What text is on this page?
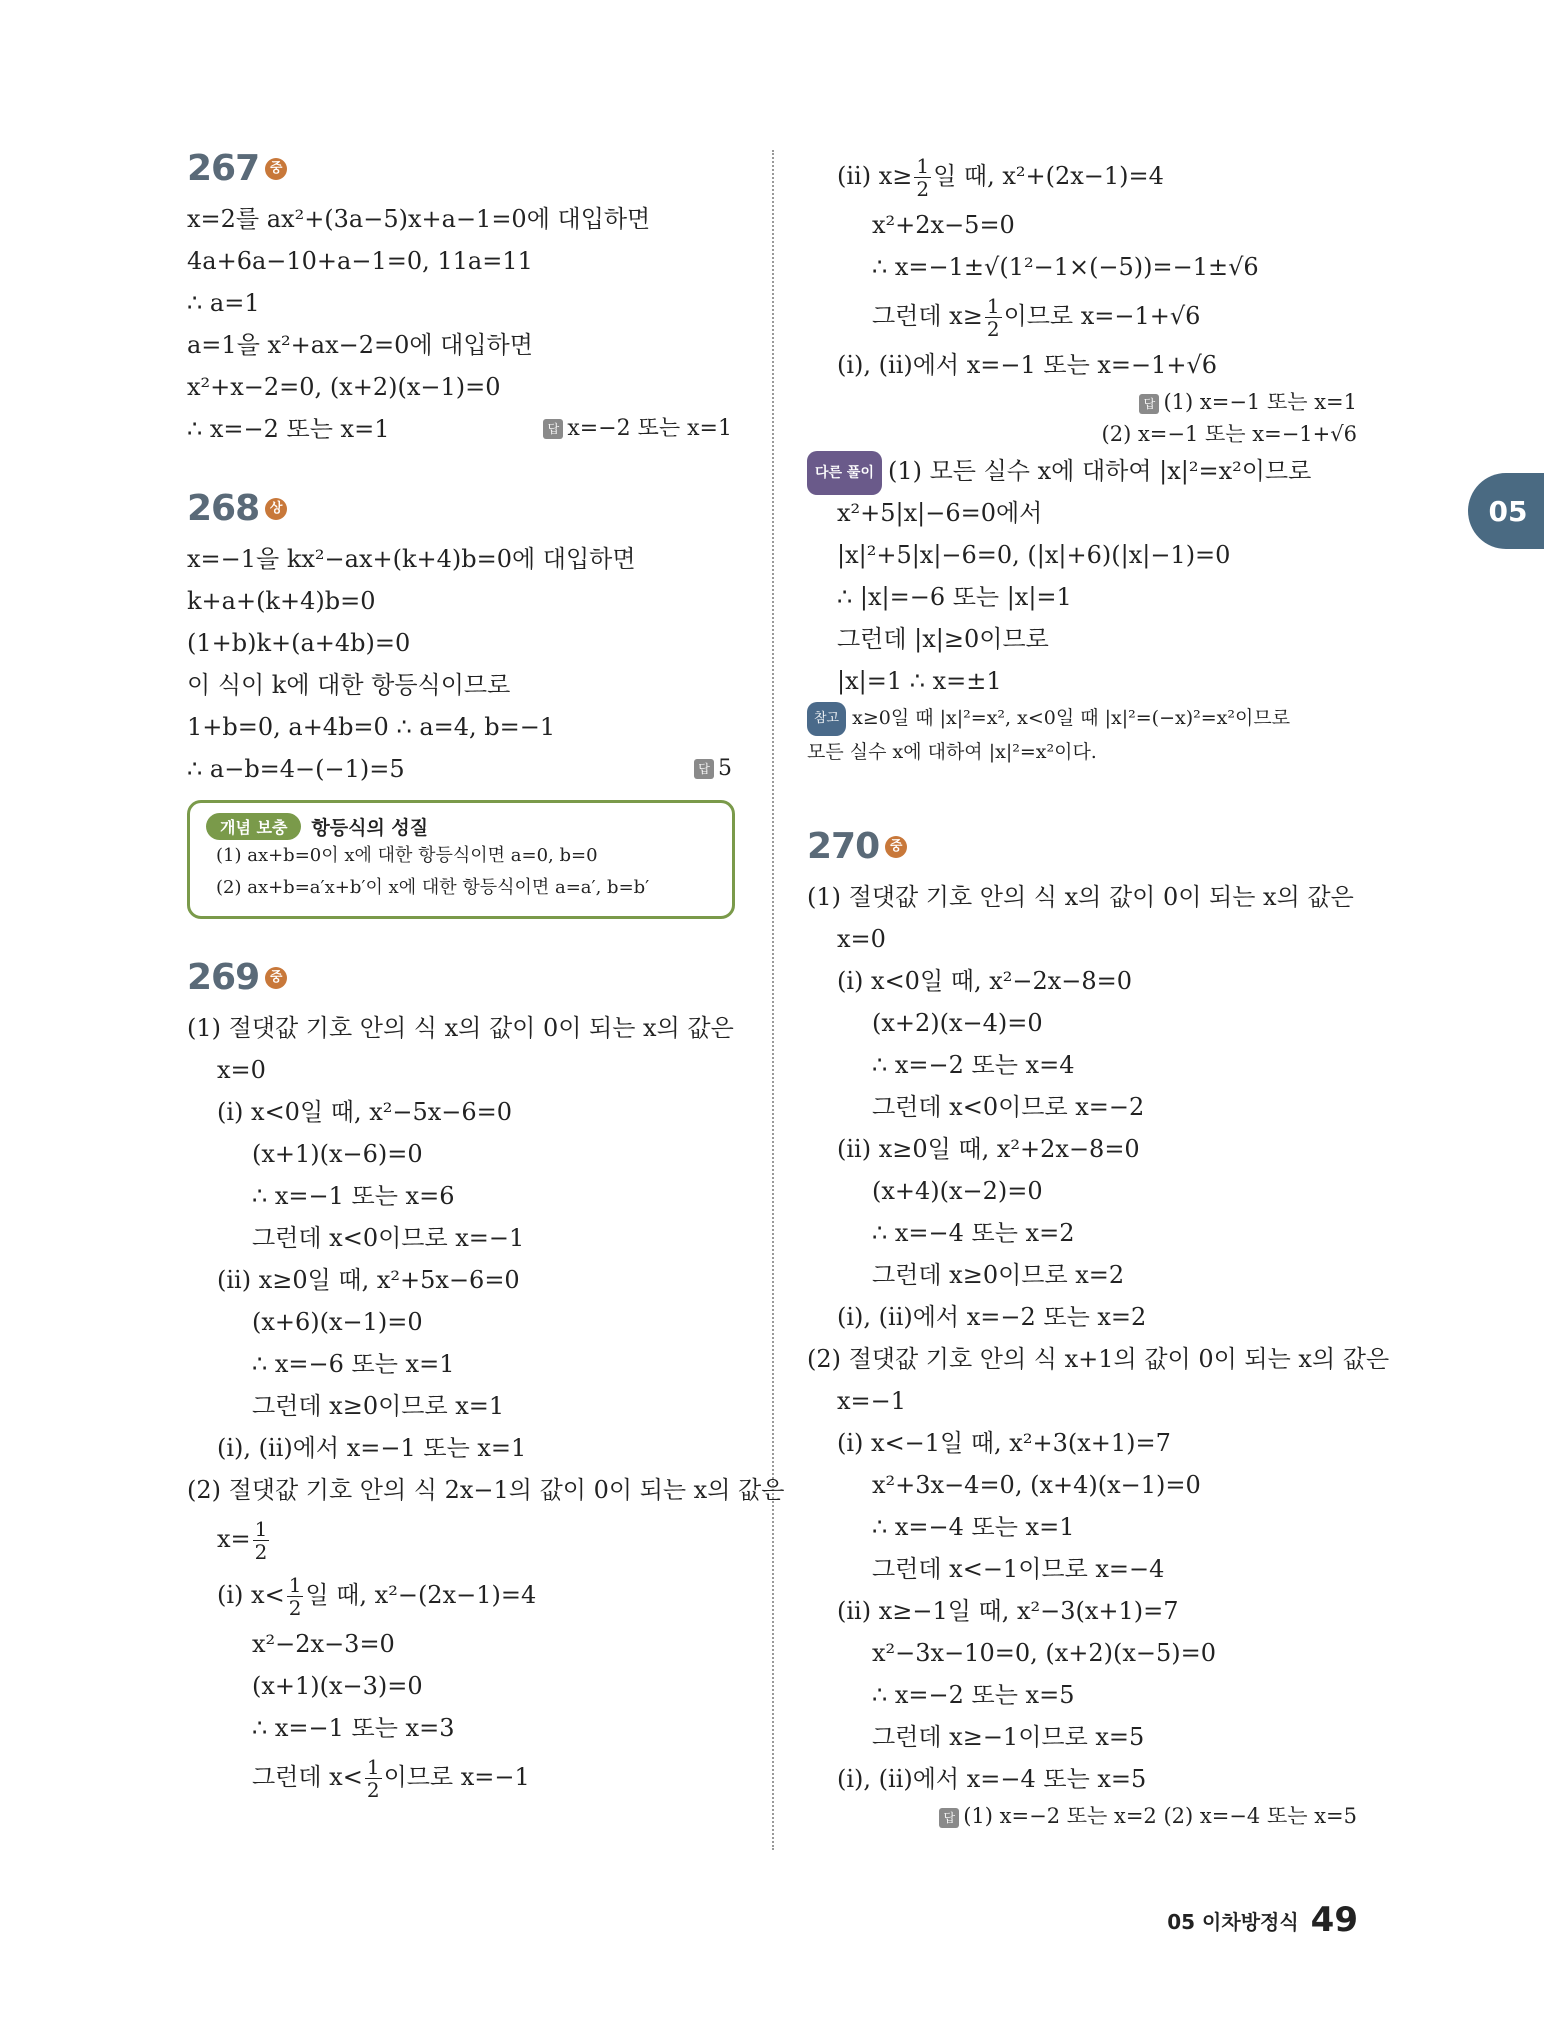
267 중
x=2를 ax²+(3a−5)x+a−1=0에 대입하면
4a+6a−10+a−1=0, 11a=11
∴ a=1
a=1을 x²+ax−2=0에 대입하면
x²+x−2=0, (x+2)(x−1)=0
∴ x=−2 또는 x=1	답 x=−2 또는 x=1
268 상
x=−1을 kx²−ax+(k+4)b=0에 대입하면
k+a+(k+4)b=0
(1+b)k+(a+4b)=0
이 식이 k에 대한 항등식이므로
1+b=0, a+4b=0 ∴ a=4, b=−1
∴ a−b=4−(−1)=5	답 5
개념 보충	항등식의 성질
(1) ax+b=0이 x에 대한 항등식이면 a=0, b=0
(2) ax+b=a′x+b′이 x에 대한 항등식이면 a=a′, b=b′
269 중
(1) 절댓값 기호 안의 식 x의 값이 0이 되는 x의 값은
x=0
(i) x<0일 때, x²−5x−6=0
(x+1)(x−6)=0
∴ x=−1 또는 x=6
그런데 x<0이므로 x=−1
(ii) x≥0일 때, x²+5x−6=0
(x+6)(x−1)=0
∴ x=−6 또는 x=1
그런데 x≥0이므로 x=1
(i), (ii)에서 x=−1 또는 x=1
(2) 절댓값 기호 안의 식 2x−1의 값이 0이 되는 x의 값은
$x= \frac{1}{2}$
(i) $x< \frac{1}{2}$ 일 때, x²−(2x−1)=4
x²−2x−3=0
(x+1)(x−3)=0
∴ x=−1 또는 x=3
그런데 $x< \frac{1}{2}$ 이므로 x=−1
(ii) $x\ge \frac{1}{2}$ 일 때, x²+(2x−1)=4
x²+2x−5=0
∴ x=−1±√(1²−1×(−5))=−1±√6
그런데 $x\ge \frac{1}{2}$ 이므로 x=−1+√6
(i), (ii)에서 x=−1 또는 x=−1+√6
답 (1) x=−1 또는 x=1
(2) x=−1 또는 x=−1+√6
다른 풀이 (1) 모든 실수 x에 대하여 |x|²=x²이므로
x²+5|x|−6=0에서
|x|²+5|x|−6=0, (|x|+6)(|x|−1)=0
∴ |x|=−6 또는 |x|=1
그런데 |x|≥0이므로
|x|=1 ∴ x=±1
참고 x≥0일 때 |x|²=x², x<0일 때 |x|²=(−x)²=x²이므로
모든 실수 x에 대하여 |x|²=x²이다.
270 중
(1) 절댓값 기호 안의 식 x의 값이 0이 되는 x의 값은
x=0
(i) x<0일 때, x²−2x−8=0
(x+2)(x−4)=0
∴ x=−2 또는 x=4
그런데 x<0이므로 x=−2
(ii) x≥0일 때, x²+2x−8=0
(x+4)(x−2)=0
∴ x=−4 또는 x=2
그런데 x≥0이므로 x=2
(i), (ii)에서 x=−2 또는 x=2
(2) 절댓값 기호 안의 식 x+1의 값이 0이 되는 x의 값은
x=−1
(i) x<−1일 때, x²+3(x+1)=7
x²+3x−4=0, (x+4)(x−1)=0
∴ x=−4 또는 x=1
그런데 x<−1이므로 x=−4
(ii) x≥−1일 때, x²−3(x+1)=7
x²−3x−10=0, (x+2)(x−5)=0
∴ x=−2 또는 x=5
그런데 x≥−1이므로 x=5
(i), (ii)에서 x=−4 또는 x=5
답 (1) x=−2 또는 x=2 (2) x=−4 또는 x=5
05
05 이차방정식 49
